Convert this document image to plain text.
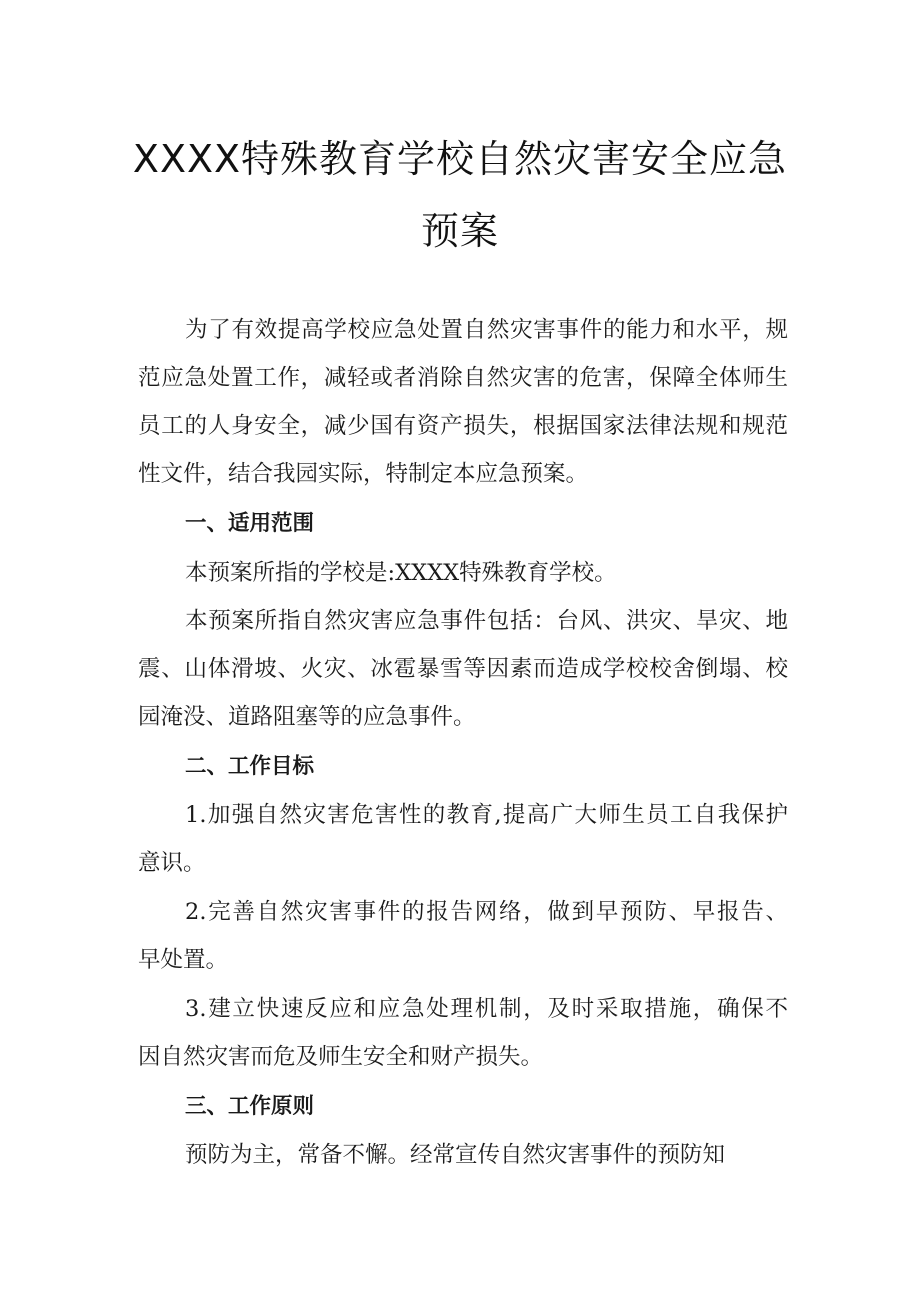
XXXX特殊教育学校自然灾害安全应急
预案

为了有效提高学校应急处置自然灾害事件的能力和水平，规

范应急处置工作，减轻或者消除自然灾害的危害，保障全体师生

员工的人身安全，减少国有资产损失，根据国家法律法规和规范

性文件，结合我园实际，特制定本应急预案。

一、适用范围

本预案所指的学校是:XXXX特殊教育学校。

本预案所指自然灾害应急事件包括：台风、洪灾、旱灾、地

震、山体滑坡、火灾、冰雹暴雪等因素而造成学校校舍倒塌、校

园淹没、道路阻塞等的应急事件。

二、工作目标

1.加强自然灾害危害性的教育,提高广大师生员工自我保护

意识。

2.完善自然灾害事件的报告网络，做到早预防、早报告、

早处置。

3.建立快速反应和应急处理机制，及时采取措施，确保不

因自然灾害而危及师生安全和财产损失。

三、工作原则

预防为主，常备不懈。经常宣传自然灾害事件的预防知
